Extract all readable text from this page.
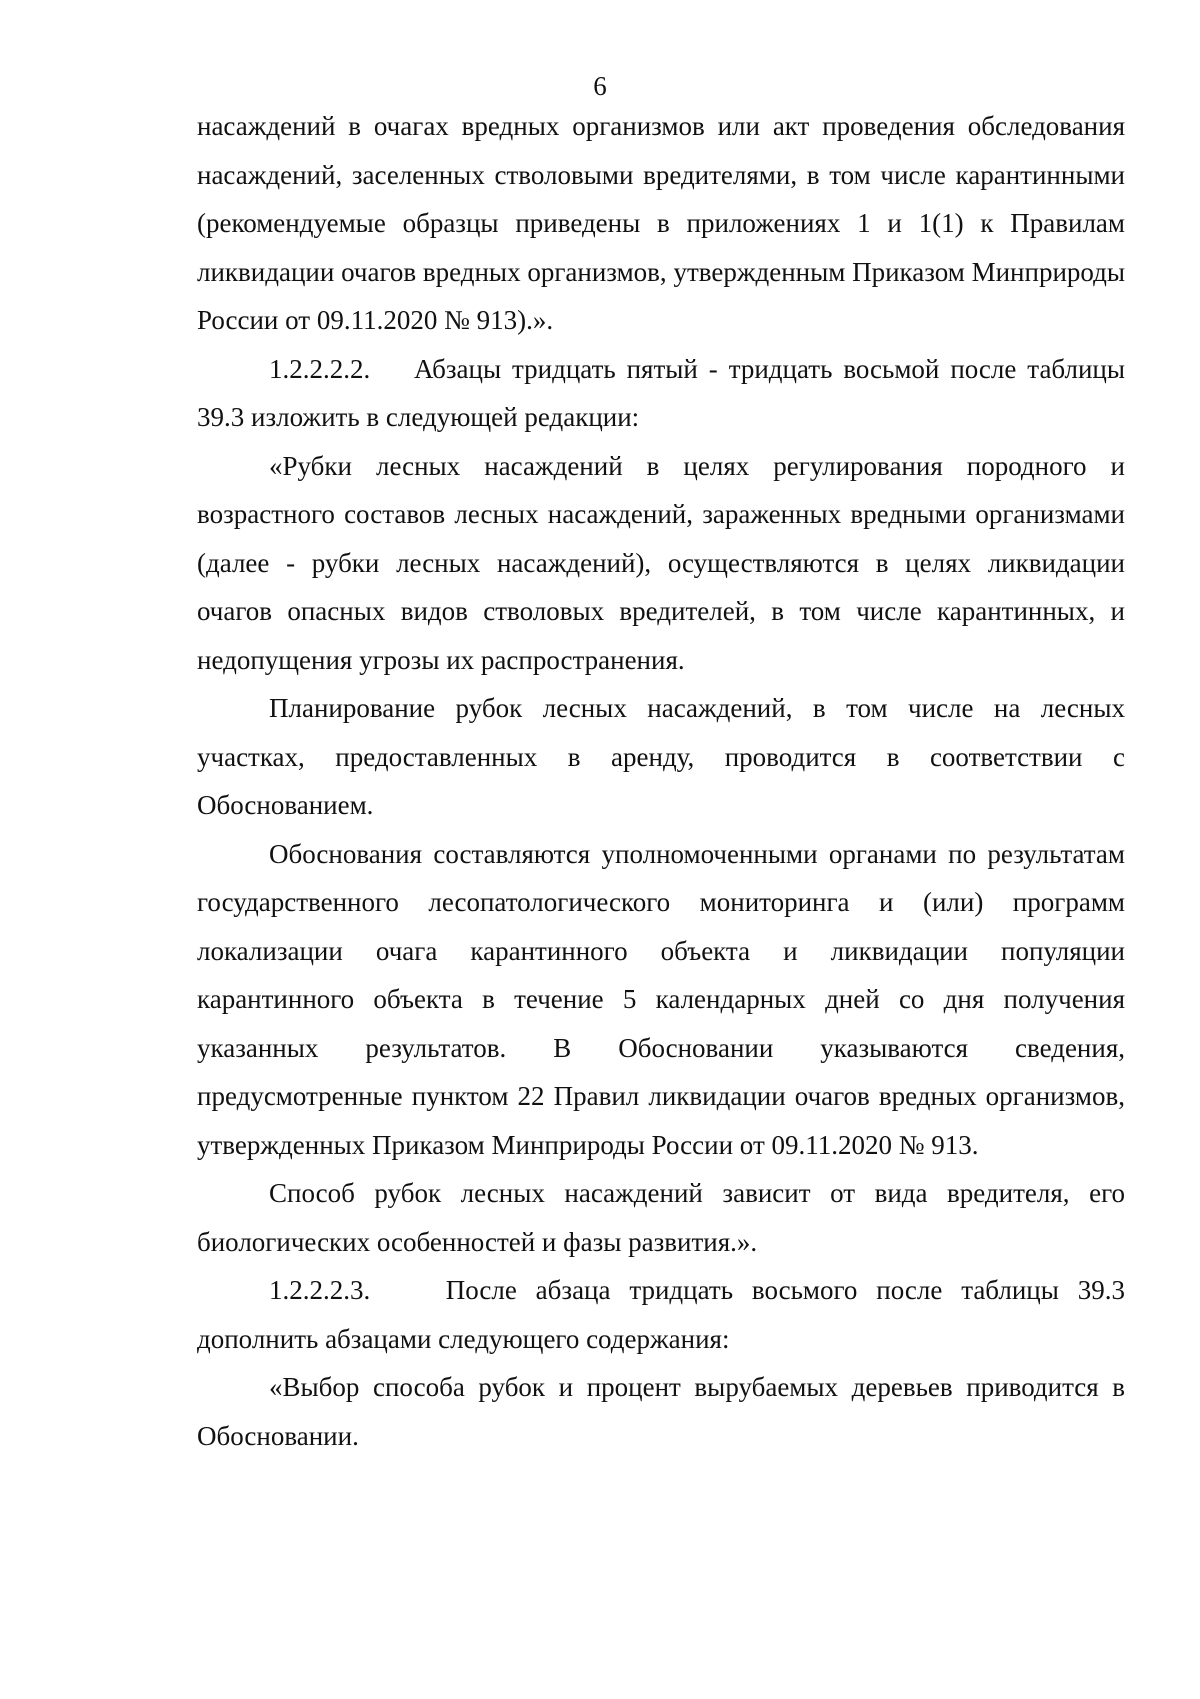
6

насаждений в очагах вредных организмов или акт проведения обследования насаждений, заселенных стволовыми вредителями, в том числе карантинными (рекомендуемые образцы приведены в приложениях 1 и 1(1) к Правилам ликвидации очагов вредных организмов, утвержденным Приказом Минприроды России от 09.11.2020 № 913).».

1.2.2.2.2.    Абзацы тридцать пятый - тридцать восьмой после таблицы 39.3 изложить в следующей редакции:

«Рубки лесных насаждений в целях регулирования породного и возрастного составов лесных насаждений, зараженных вредными организмами (далее - рубки лесных насаждений), осуществляются в целях ликвидации очагов опасных видов стволовых вредителей, в том числе карантинных, и недопущения угрозы их распространения.

Планирование рубок лесных насаждений, в том числе на лесных участках, предоставленных в аренду, проводится в соответствии с Обоснованием.

Обоснования составляются уполномоченными органами по результатам государственного лесопатологического мониторинга и (или) программ локализации очага карантинного объекта и ликвидации популяции карантинного объекта в течение 5 календарных дней со дня получения указанных результатов. В Обосновании указываются сведения, предусмотренные пунктом 22 Правил ликвидации очагов вредных организмов, утвержденных Приказом Минприроды России от 09.11.2020 № 913.

Способ рубок лесных насаждений зависит от вида вредителя, его биологических особенностей и фазы развития.».

1.2.2.2.3.    После абзаца тридцать восьмого после таблицы 39.3 дополнить абзацами следующего содержания:

«Выбор способа рубок и процент вырубаемых деревьев приводится в Обосновании.
